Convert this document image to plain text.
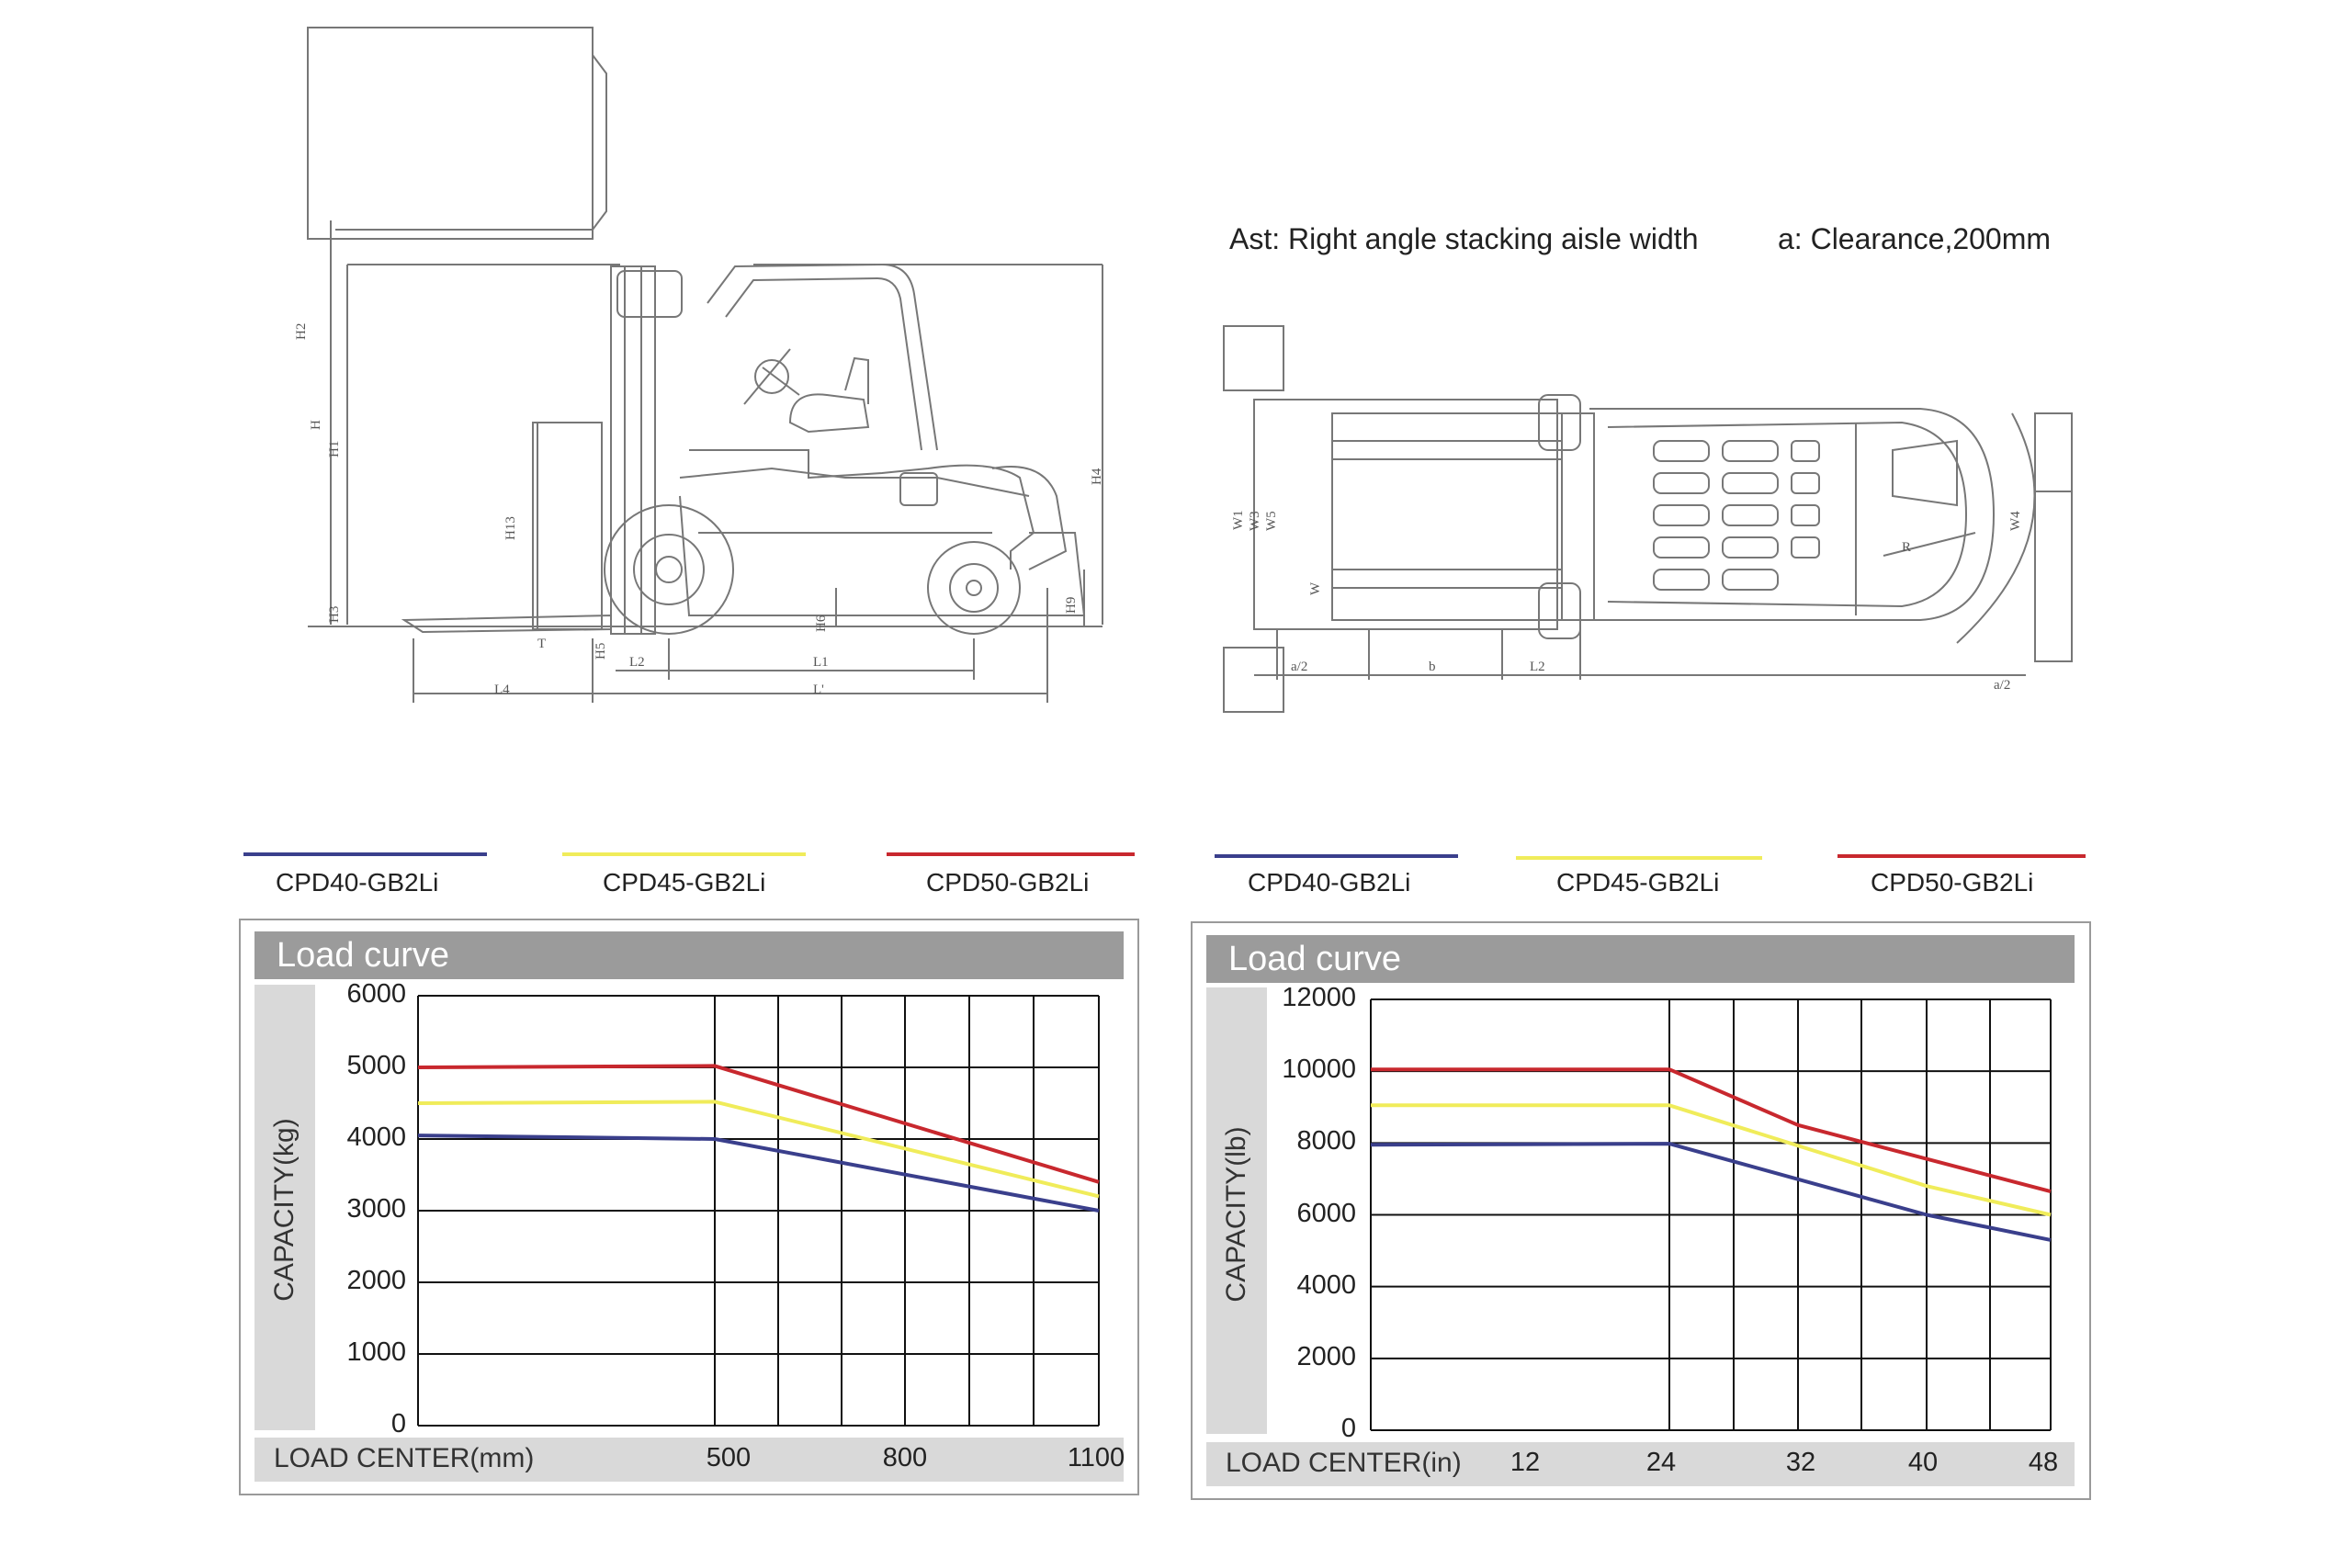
H2
H
H1
H13
H3
T	H5
L2	L1
H6
H4
H9
L4	L'
Ast: Right angle stacking aisle width	a: Clearance,200mm
W1 W3 W5
W
W4
a/2	b	L2
a/2
R
CPD40-GB2Li	CPD45-GB2Li	CPD50-GB2Li	CPD40-GB2Li	CPD45-GB2Li	CPD50-GB2Li
Load curve
CAPACITY(kg)
LOAD CENTER(mm)
6000
5000
4000
3000
2000
1000
0
500	800	1100
Load curve
CAPACITY(lb)
LOAD CENTER(in)
12000
10000
8000
6000
4000
2000
0
12	24	32	40	48
